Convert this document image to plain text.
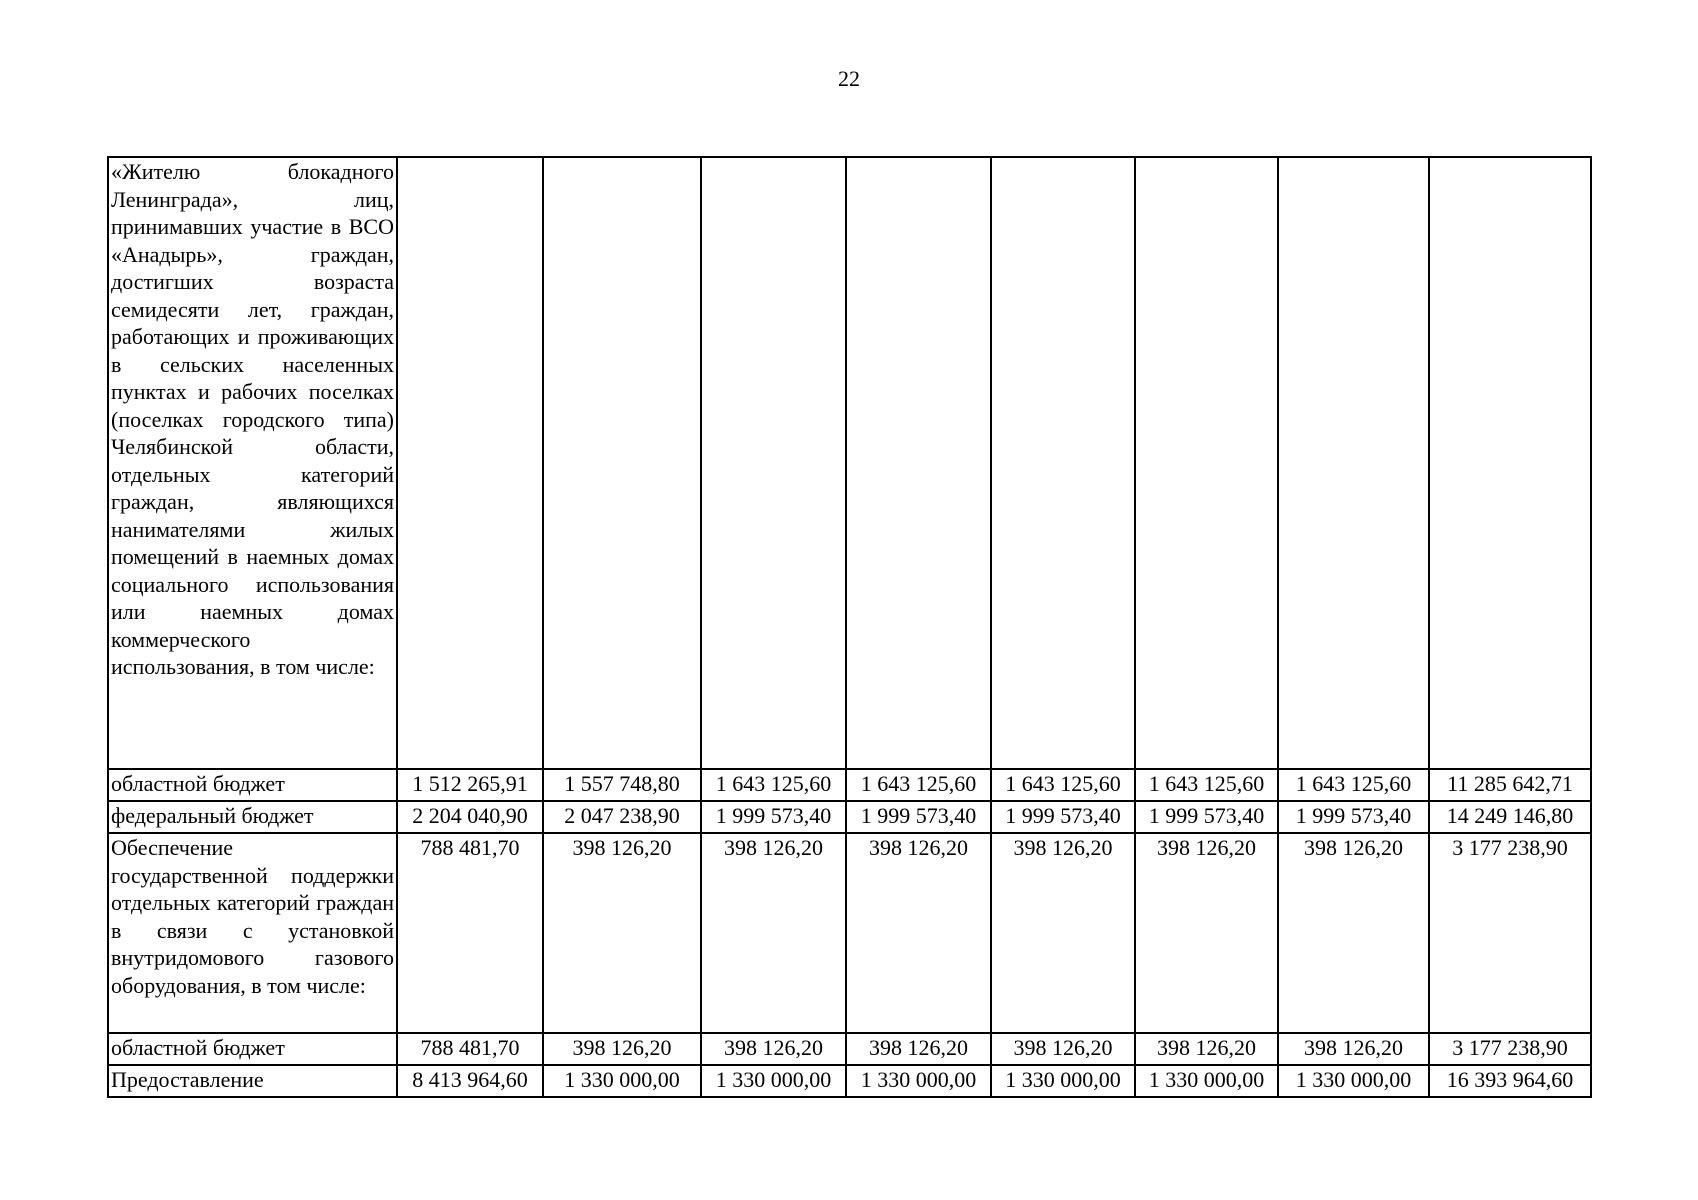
22
«Жителю блокадного Ленинграда», лиц, принимавших участие в ВСО «Анадырь», граждан, достигших возраста семидесяти лет, граждан, работающих и проживающих в сельских населенных пунктах и рабочих поселках (поселках городского типа) Челябинской области, отдельных категорий граждан, являющихся нанимателями жилых помещений в наемных домах социального использования или наемных домах коммерческого использования, в том числе:								
областной бюджет	1 512 265,91	1 557 748,80	1 643 125,60	1 643 125,60	1 643 125,60	1 643 125,60	1 643 125,60	11 285 642,71
федеральный бюджет	2 204 040,90	2 047 238,90	1 999 573,40	1 999 573,40	1 999 573,40	1 999 573,40	1 999 573,40	14 249 146,80
Обеспечение государственной поддержки отдельных категорий граждан в связи с установкой внутридомового газового оборудования, в том числе:	788 481,70	398 126,20	398 126,20	398 126,20	398 126,20	398 126,20	398 126,20	3 177 238,90
областной бюджет	788 481,70	398 126,20	398 126,20	398 126,20	398 126,20	398 126,20	398 126,20	3 177 238,90
Предоставление	8 413 964,60	1 330 000,00	1 330 000,00	1 330 000,00	1 330 000,00	1 330 000,00	1 330 000,00	16 393 964,60
